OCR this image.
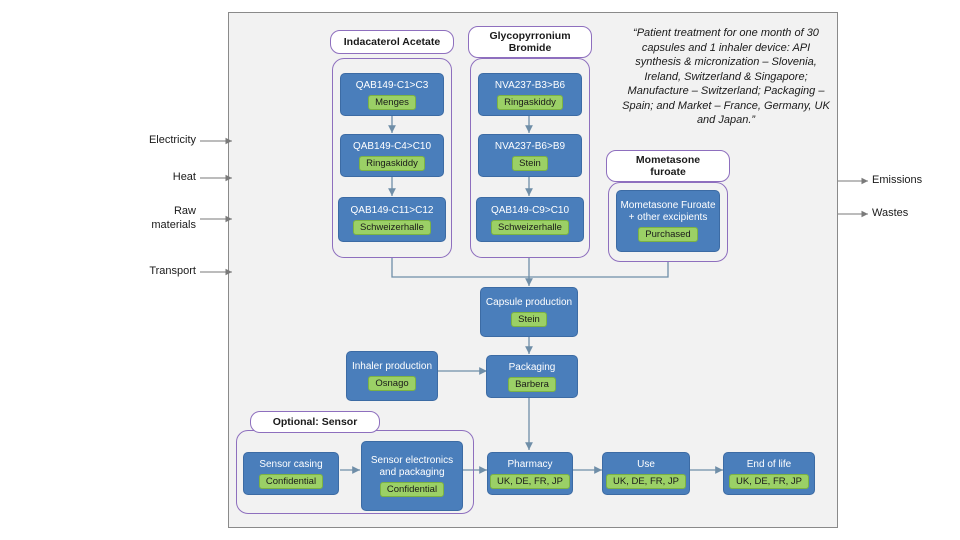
Electricity
Heat
Raw
materials
Transport
Emissions
Wastes
“Patient treatment for one month of 30 capsules and 1 inhaler device: API synthesis & micronization – Slovenia, Ireland, Switzerland & Singapore; Manufacture – Switzerland; Packaging – Spain; and Market – France, Germany, UK and Japan.”
Indacaterol Acetate	Glycopyrronium
Bromide
Mometasone
furoate
Optional: Sensor
QAB149-C1>C3
Menges
QAB149-C4>C10
Ringaskiddy
QAB149-C11>C12
Schweizerhalle
NVA237-B3>B6
Ringaskiddy
NVA237-B6>B9
Stein
QAB149-C9>C10
Schweizerhalle
Mometasone Furoate + other excipients
Purchased
Capsule production
Stein
Inhaler production
Osnago
Packaging
Barbera
Sensor casing
Confidential
Sensor electronics and packaging
Confidential
Pharmacy
UK, DE, FR, JP
Use
UK, DE, FR, JP
End of life
UK, DE, FR, JP
